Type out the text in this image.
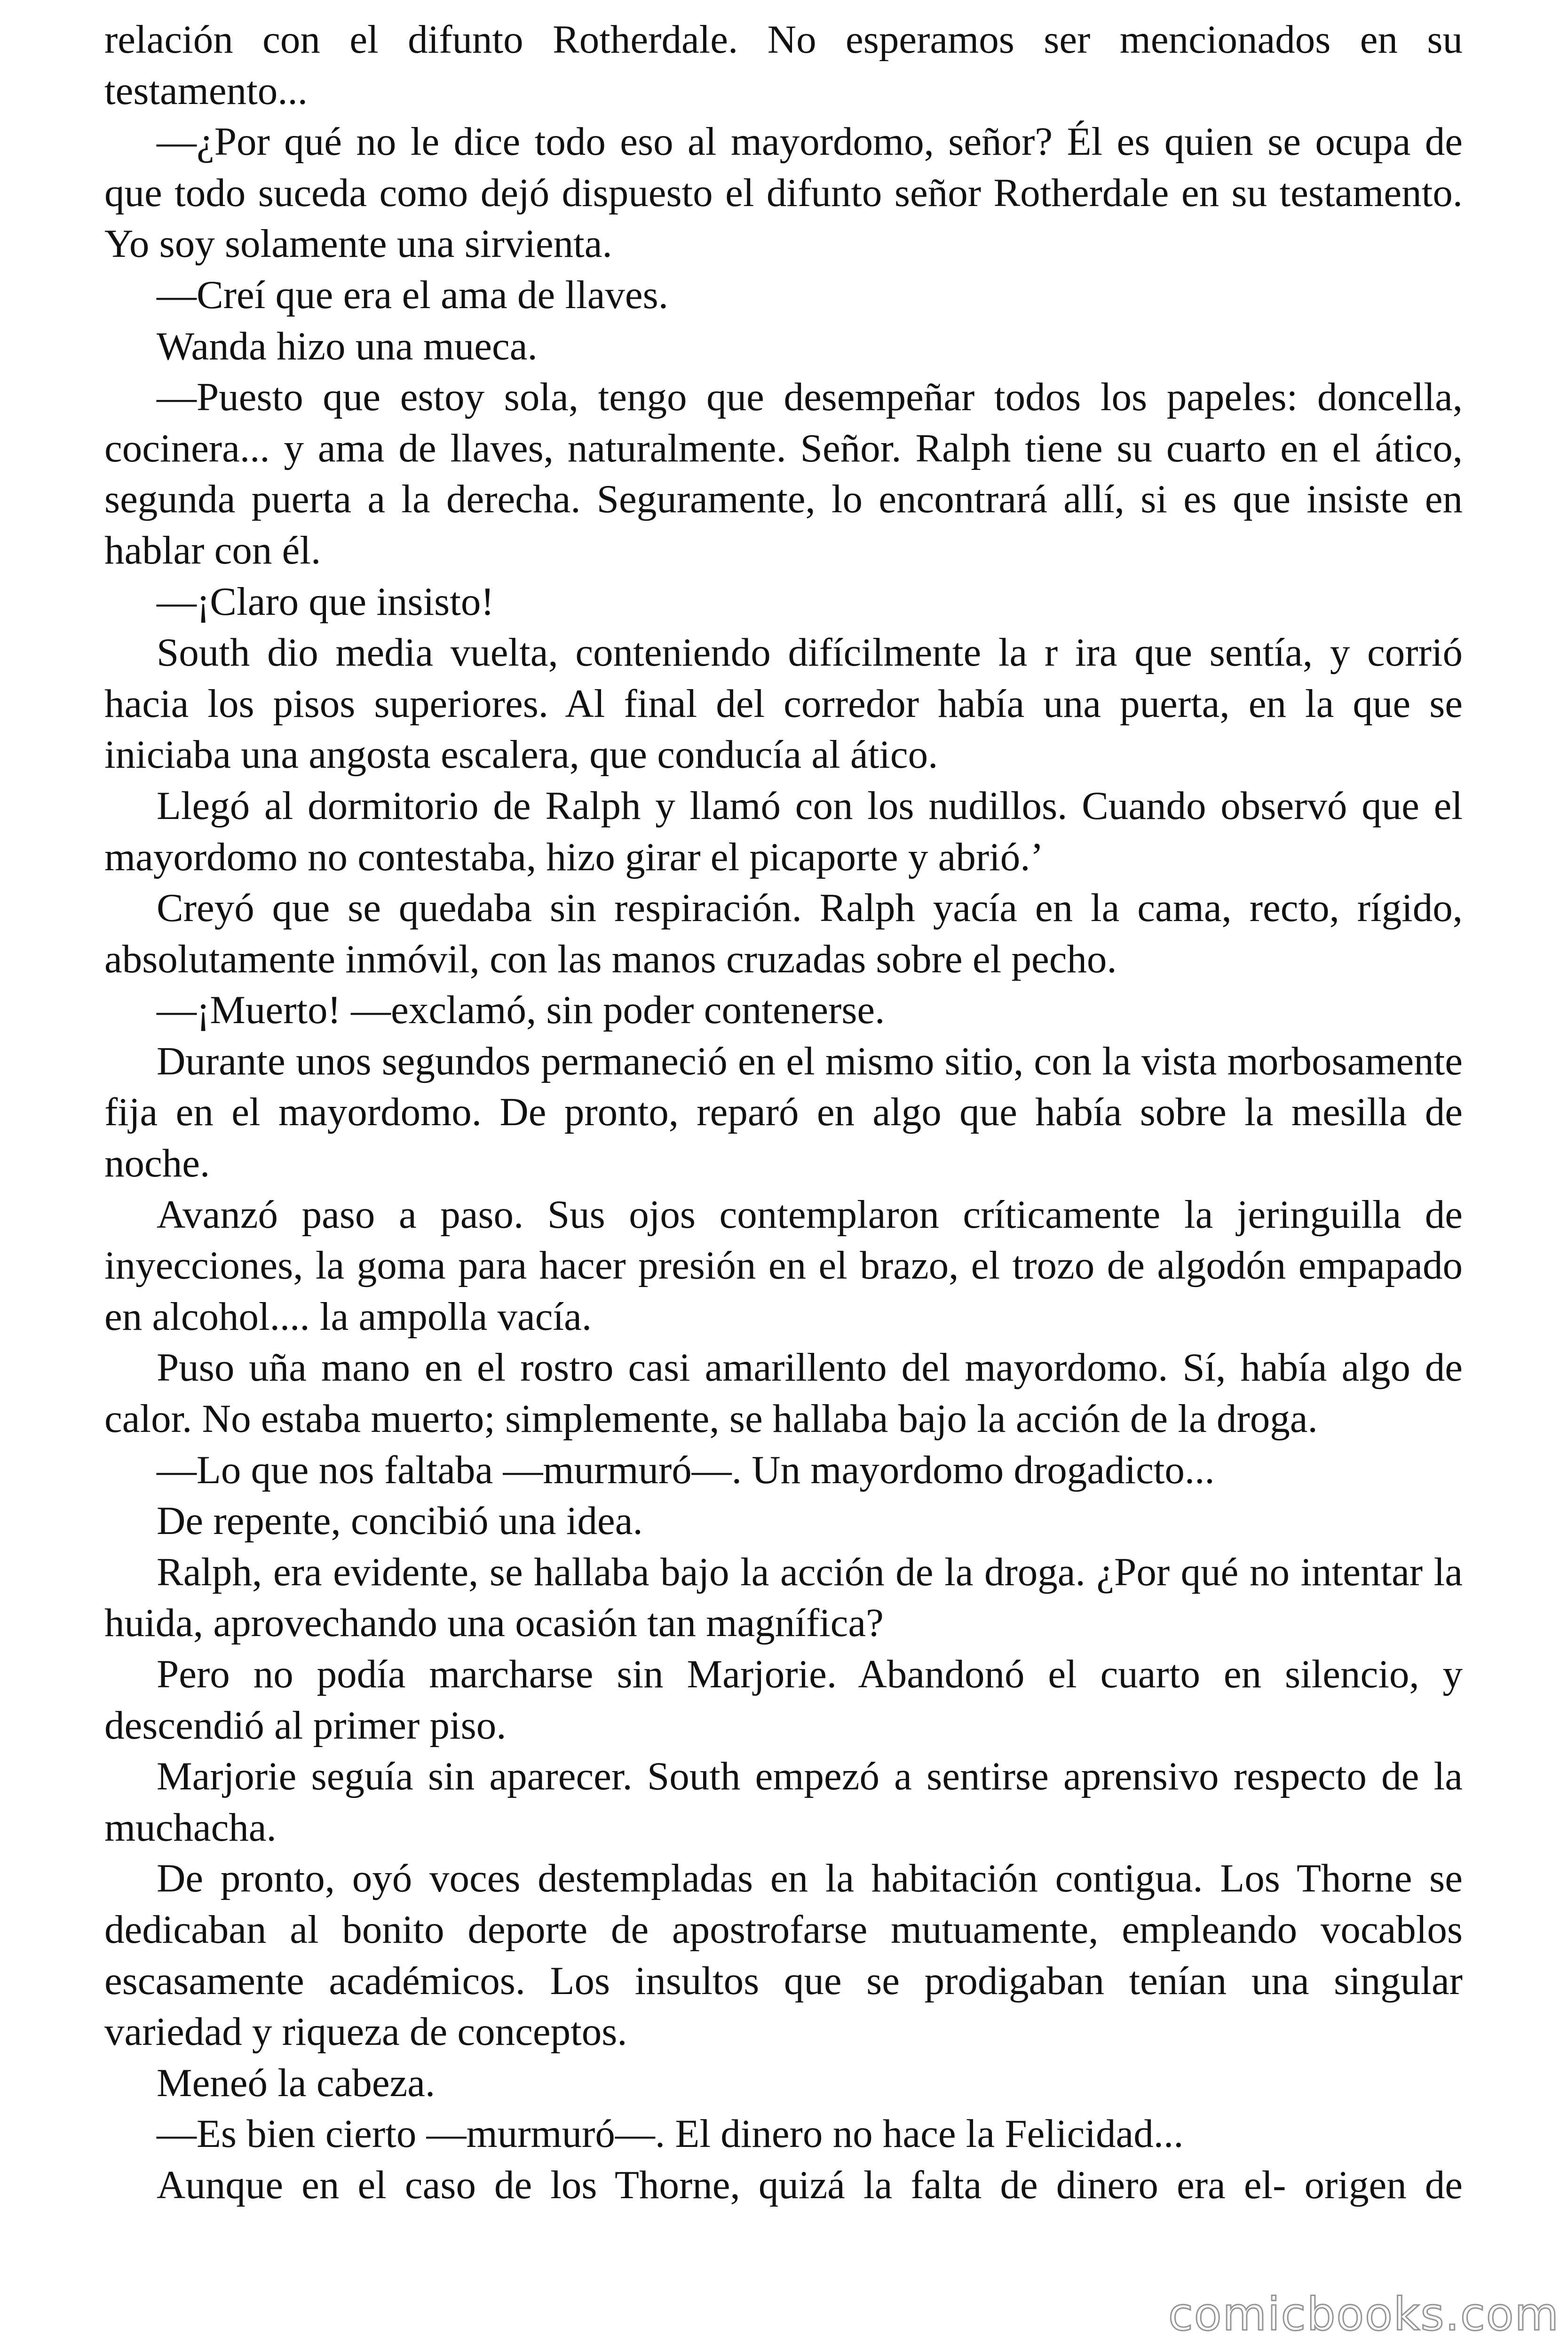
relación con el difunto Rotherdale. No esperamos ser mencionados en su testamento...

—¿Por qué no le dice todo eso al mayordomo, señor? Él es quien se ocupa de que todo suceda como dejó dispuesto el difunto señor Rotherdale en su testamento. Yo soy solamente una sirvienta.

—Creí que era el ama de llaves.

Wanda hizo una mueca.

—Puesto que estoy sola, tengo que desempeñar todos los papeles: doncella, cocinera... y ama de llaves, naturalmente. Señor. Ralph tiene su cuarto en el ático, segunda puerta a la derecha. Seguramente, lo encontrará allí, si es que insiste en hablar con él.

—¡Claro que insisto!

South dio media vuelta, conteniendo difícilmente la r ira que sentía, y corrió hacia los pisos superiores. Al final del corredor había una puerta, en la que se iniciaba una angosta escalera, que conducía al ático.

Llegó al dormitorio de Ralph y llamó con los nudillos. Cuando observó que el mayordomo no contestaba, hizo girar el picaporte y abrió.’

Creyó que se quedaba sin respiración. Ralph yacía en la cama, recto, rígido, absolutamente inmóvil, con las manos cruzadas sobre el pecho.

—¡Muerto! —exclamó, sin poder contenerse.

Durante unos segundos permaneció en el mismo sitio, con la vista morbosamente fija en el mayordomo. De pronto, reparó en algo que había sobre la mesilla de noche.

Avanzó paso a paso. Sus ojos contemplaron críticamente la jeringuilla de inyecciones, la goma para hacer presión en el brazo, el trozo de algodón empapado en alcohol.... la ampolla vacía.

Puso uña mano en el rostro casi amarillento del mayordomo. Sí, había algo de calor. No estaba muerto; simplemente, se hallaba bajo la acción de la droga.

—Lo que nos faltaba —murmuró—. Un mayordomo drogadicto...

De repente, concibió una idea.

Ralph, era evidente, se hallaba bajo la acción de la droga. ¿Por qué no intentar la huida, aprovechando una ocasión tan magnífica?

Pero no podía marcharse sin Marjorie. Abandonó el cuarto en silencio, y descendió al primer piso.

Marjorie seguía sin aparecer. South empezó a sentirse aprensivo respecto de la muchacha.

De pronto, oyó voces destempladas en la habitación contigua. Los Thorne se dedicaban al bonito deporte de apostrofarse mutuamente, empleando vocablos escasamente académicos. Los insultos que se prodigaban tenían una singular variedad y riqueza de conceptos.

Meneó la cabeza.

—Es bien cierto —murmuró—. El dinero no hace la Felicidad...

Aunque en el caso de los Thorne, quizá la falta de dinero era el- origen de

comicbooks.com
